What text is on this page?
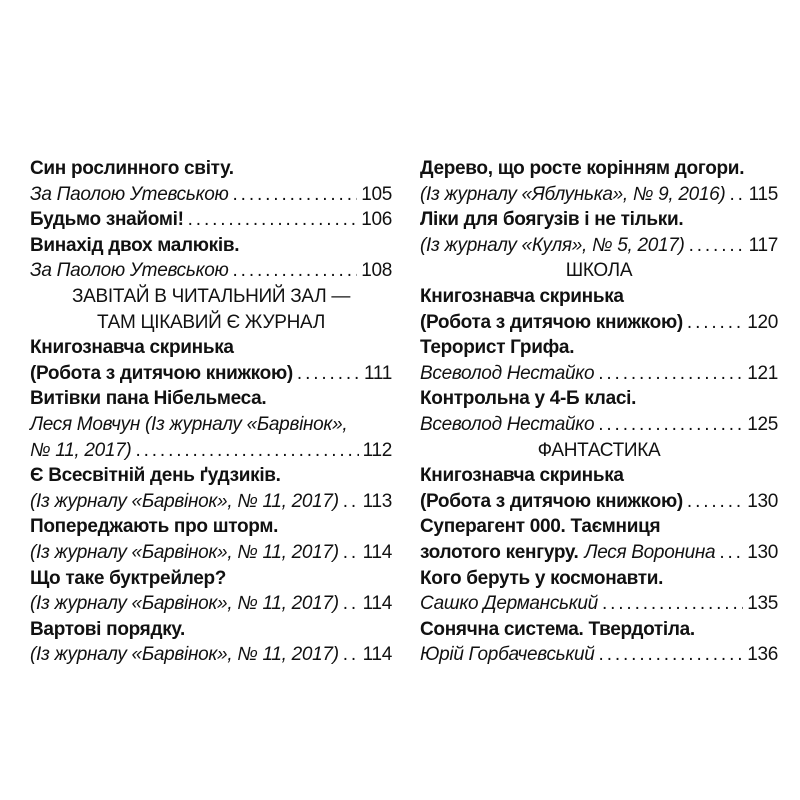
Син рослинного світу.
За Паолою Утевською . . .	105
Будьмо знайомі! . . .	106
Винахід двох малюків.
За Паолою Утевською . . .	108
ЗАВІТАЙ В ЧИТАЛЬНИЙ ЗАЛ —
ТАМ ЦІКАВИЙ Є ЖУРНАЛ
Книгознавча скринька
(Робота з дитячою книжкою) . . .	111
Витівки пана Нібельмеса.
Леся Мовчун (Із журналу «Барвінок»,
№ 11, 2017) . . .	112
Є Всесвітній день ґудзиків.
(Із журналу «Барвінок», № 11, 2017) . . . 113
Попереджають про шторм.
(Із журналу «Барвінок», № 11, 2017) . . . 114
Що таке буктрейлер?
(Із журналу «Барвінок», № 11, 2017) . . . 114
Вартові порядку.
(Із журналу «Барвінок», № 11, 2017) . . . 114
Дерево, що росте корінням догори.
(Із журналу «Яблунька», № 9, 2016) . . . 115
Ліки для боягузів і не тільки.
(Із журналу «Куля», № 5, 2017) . . .	117
ШКОЛА
Книгознавча скринька
(Робота з дитячою книжкою) . . .	120
Терорист Грифа.
Всеволод Нестайко . . .	121
Контрольна у 4-Б класі.
Всеволод Нестайко . . .	125
ФАНТАСТИКА
Книгознавча скринька
(Робота з дитячою книжкою) . . .	130
Суперагент 000. Таємниця
золотого кенгуру. Леся Воронина . . . 130
Кого беруть у космонавти.
Сашко Дерманський . . .	135
Сонячна система. Твердотіла.
Юрій Горбачевський . . .	136
